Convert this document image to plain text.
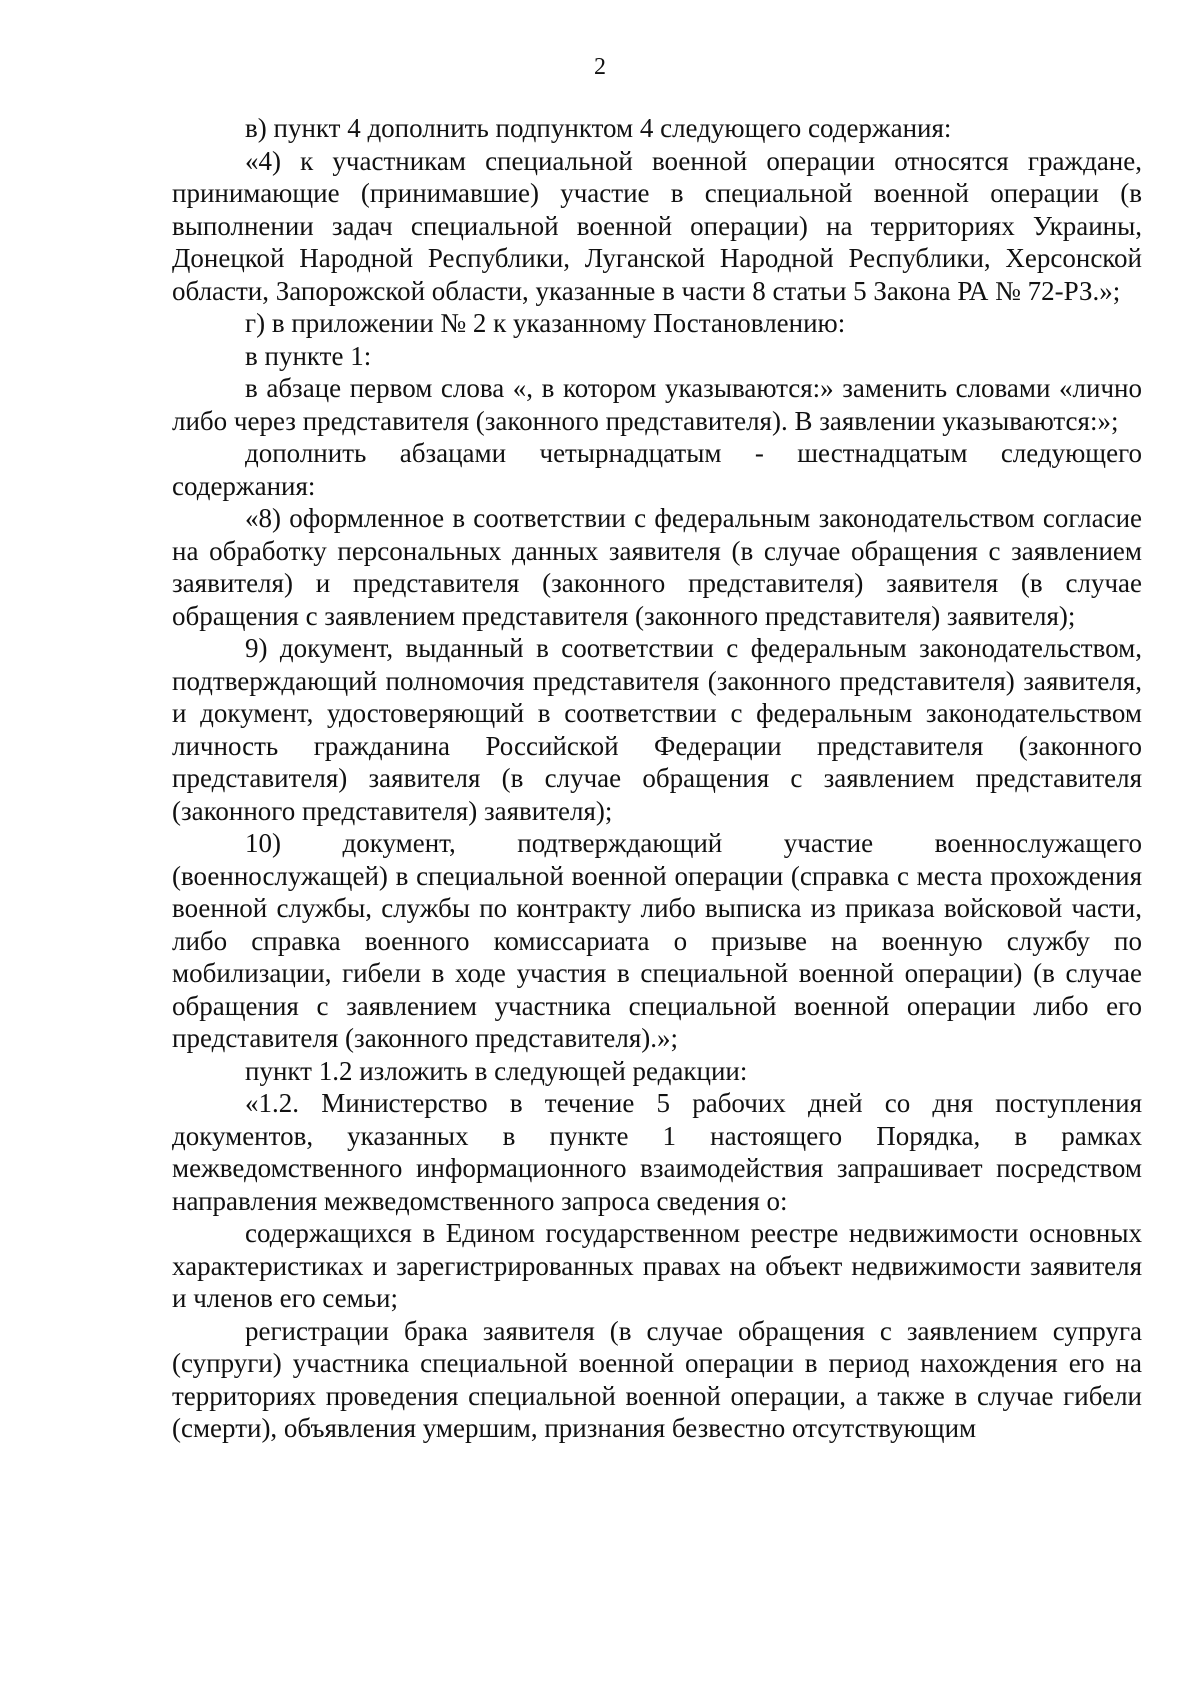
2

в) пункт 4 дополнить подпунктом 4 следующего содержания:

«4) к участникам специальной военной операции относятся граждане, принимающие (принимавшие) участие в специальной военной операции (в выполнении задач специальной военной операции) на территориях Украины, Донецкой Народной Республики, Луганской Народной Республики, Херсонской области, Запорожской области, указанные в части 8 статьи 5 Закона РА № 72-РЗ.»;

г) в приложении № 2 к указанному Постановлению:

в пункте 1:

в абзаце первом слова «, в котором указываются:» заменить словами «лично либо через представителя (законного представителя). В заявлении указываются:»;

дополнить абзацами четырнадцатым - шестнадцатым следующего содержания:

«8) оформленное в соответствии с федеральным законодательством согласие на обработку персональных данных заявителя (в случае обращения с заявлением заявителя) и представителя (законного представителя) заявителя (в случае обращения с заявлением представителя (законного представителя) заявителя);

9) документ, выданный в соответствии с федеральным законодательством, подтверждающий полномочия представителя (законного представителя) заявителя, и документ, удостоверяющий в соответствии с федеральным законодательством личность гражданина Российской Федерации представителя (законного представителя) заявителя (в случае обращения с заявлением представителя (законного представителя) заявителя);

10) документ, подтверждающий участие военнослужащего (военнослужащей) в специальной военной операции (справка с места прохождения военной службы, службы по контракту либо выписка из приказа войсковой части, либо справка военного комиссариата о призыве на военную службу по мобилизации, гибели в ходе участия в специальной военной операции) (в случае обращения с заявлением участника специальной военной операции либо его представителя (законного представителя).»;

пункт 1.2 изложить в следующей редакции:

«1.2. Министерство в течение 5 рабочих дней со дня поступления документов, указанных в пункте 1 настоящего Порядка, в рамках межведомственного информационного взаимодействия запрашивает посредством направления межведомственного запроса сведения о:

содержащихся в Едином государственном реестре недвижимости основных характеристиках и зарегистрированных правах на объект недвижимости заявителя и членов его семьи;

регистрации брака заявителя (в случае обращения с заявлением супруга (супруги) участника специальной военной операции в период нахождения его на территориях проведения специальной военной операции, а также в случае гибели (смерти), объявления умершим, признания безвестно отсутствующим
